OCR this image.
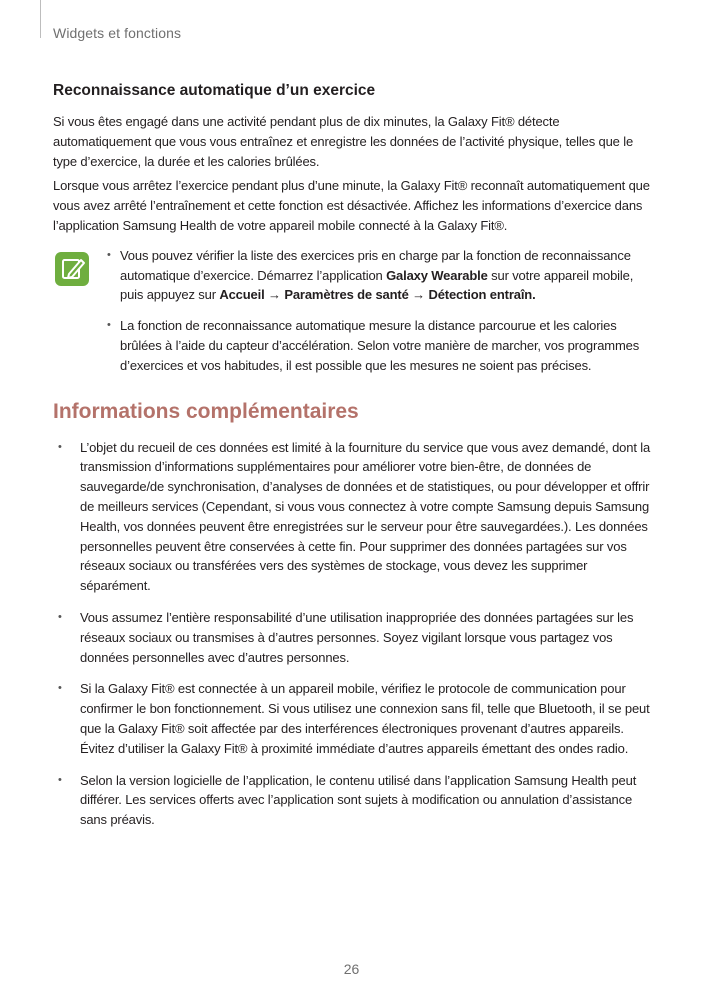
Widgets et fonctions
Reconnaissance automatique d’un exercice

Si vous êtes engagé dans une activité pendant plus de dix minutes, la Galaxy Fit® détecte automatiquement que vous vous entraînez et enregistre les données de l’activité physique, telles que le type d’exercice, la durée et les calories brûlées.

Lorsque vous arrêtez l’exercice pendant plus d’une minute, la Galaxy Fit® reconnaît automatiquement que vous avez arrêté l’entraînement et cette fonction est désactivée. Affichez les informations d’exercice dans l’application Samsung Health de votre appareil mobile connecté à la Galaxy Fit®.

• Vous pouvez vérifier la liste des exercices pris en charge par la fonction de reconnaissance automatique d’exercice. Démarrez l’application Galaxy Wearable sur votre appareil mobile, puis appuyez sur Accueil → Paramètres de santé → Détection entraîn.
• La fonction de reconnaissance automatique mesure la distance parcourue et les calories brûlées à l’aide du capteur d’accélération. Selon votre manière de marcher, vos programmes d’exercices et vos habitudes, il est possible que les mesures ne soient pas précises.
Informations complémentaires
• L’objet du recueil de ces données est limité à la fourniture du service que vous avez demandé, dont la transmission d’informations supplémentaires pour améliorer votre bien-être, de données de sauvegarde/de synchronisation, d’analyses de données et de statistiques, ou pour développer et offrir de meilleurs services (Cependant, si vous vous connectez à votre compte Samsung depuis Samsung Health, vos données peuvent être enregistrées sur le serveur pour être sauvegardées.). Les données personnelles peuvent être conservées à cette fin. Pour supprimer des données partagées sur vos réseaux sociaux ou transférées vers des systèmes de stockage, vous devez les supprimer séparément.
• Vous assumez l’entière responsabilité d’une utilisation inappropriée des données partagées sur les réseaux sociaux ou transmises à d’autres personnes. Soyez vigilant lorsque vous partagez vos données personnelles avec d’autres personnes.
• Si la Galaxy Fit® est connectée à un appareil mobile, vérifiez le protocole de communication pour confirmer le bon fonctionnement. Si vous utilisez une connexion sans fil, telle que Bluetooth, il se peut que la Galaxy Fit® soit affectée par des interférences électroniques provenant d’autres appareils. Évitez d’utiliser la Galaxy Fit® à proximité immédiate d’autres appareils émettant des ondes radio.
• Selon la version logicielle de l’application, le contenu utilisé dans l’application Samsung Health peut différer. Les services offerts avec l’application sont sujets à modification ou annulation d’assistance sans préavis.
26
